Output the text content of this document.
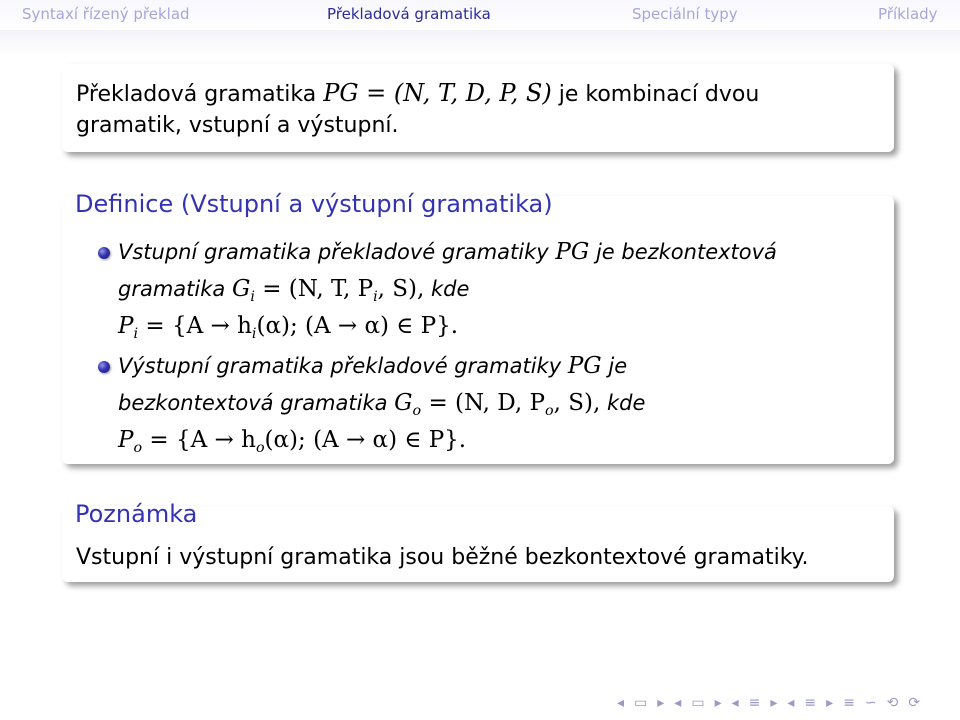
Syntaxí řízený překlad	Překladová gramatika	Speciální typy	Příklady
Překladová gramatika PG = (N, T, D, P, S) je kombinací dvou
gramatik, vstupní a výstupní.
Definice (Vstupní a výstupní gramatika)
Vstupní gramatika překladové gramatiky PG je bezkontextová
gramatika $G_i = (N$, T, $P_i$, S), kde
$P_i = \{A \to h_i(\alpha)$; (A → α) ∈ P}.
Výstupní gramatika překladové gramatiky PG je
bezkontextová gramatika $G_o = (N$, D, $P_o$, S), kde
$P_o = \{A \to h_o(\alpha)$; (A → α) ∈ P}.
Poznámka
Vstupní i výstupní gramatika jsou běžné bezkontextové gramatiky.
◂ ▭ ▸ ◂ ▭ ▸ ◂ ≡ ▸ ◂ ≡ ▸ ≡ ∽ ⟲ ⟳
